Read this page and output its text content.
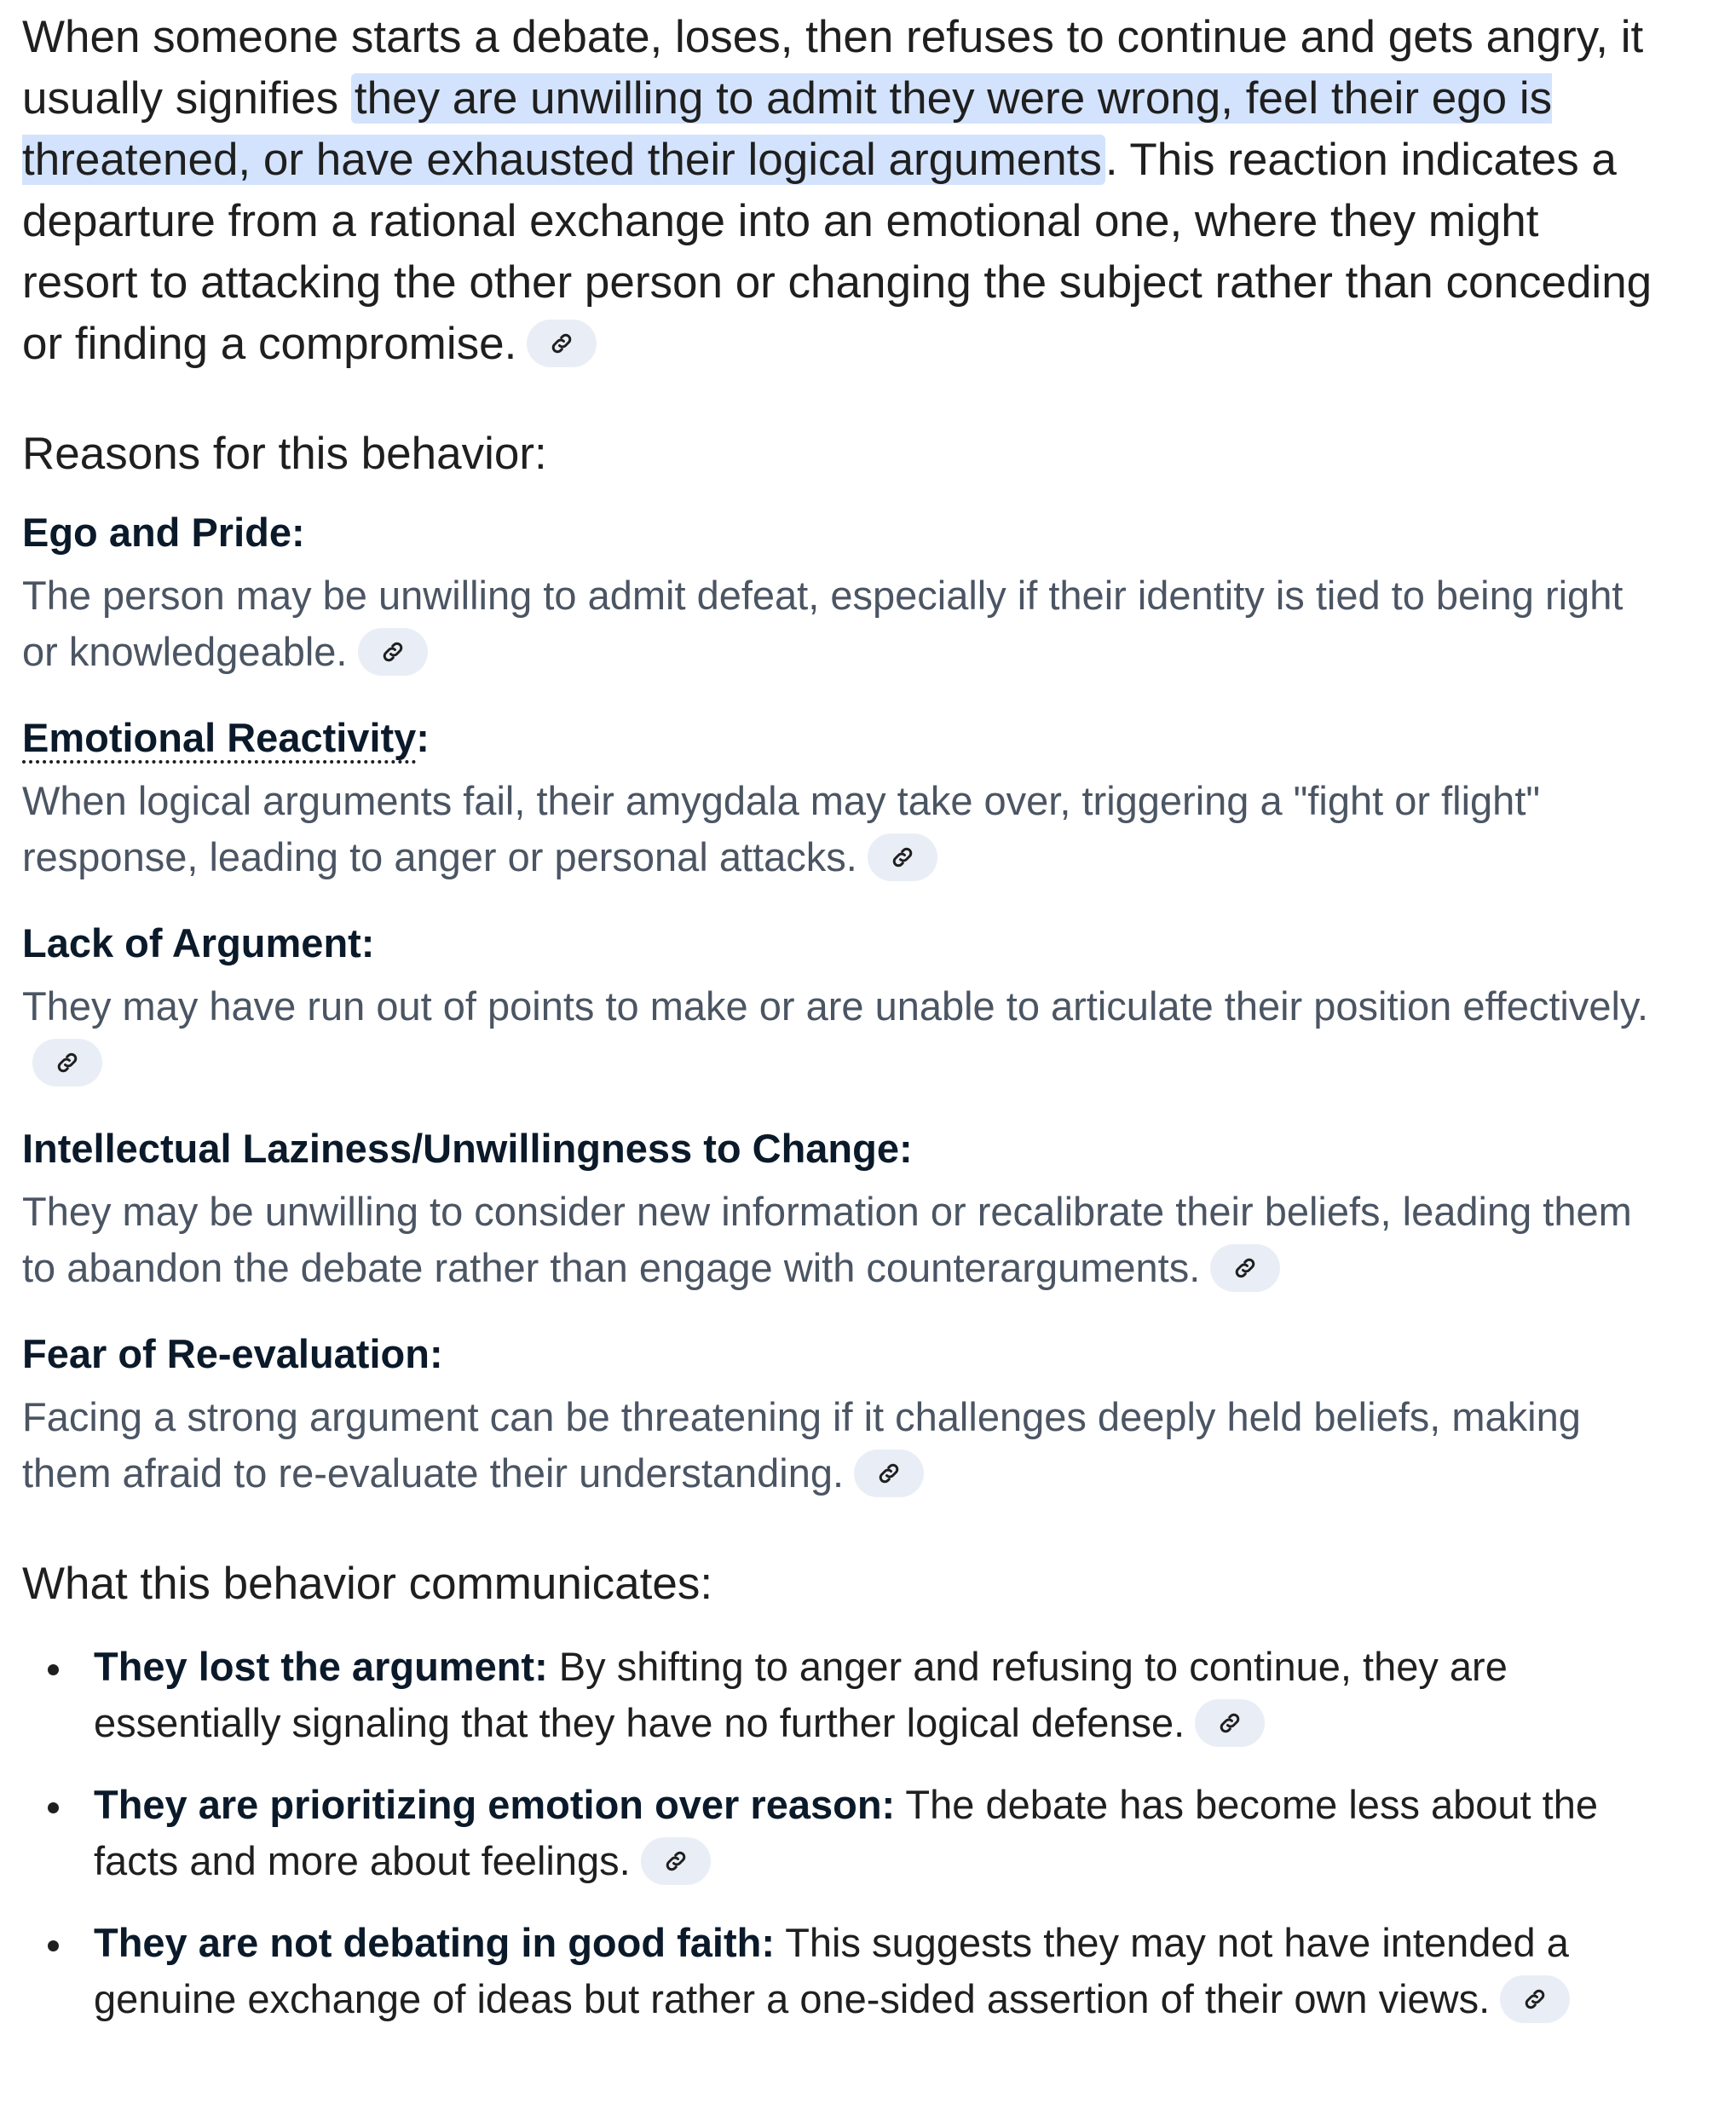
When someone starts a debate, loses, then refuses to continue and gets angry, it usually signifies they are unwilling to admit they were wrong, feel their ego is threatened, or have exhausted their logical arguments. This reaction indicates a departure from a rational exchange into an emotional one, where they might resort to attacking the other person or changing the subject rather than conceding or finding a compromise.

Reasons for this behavior:

Ego and Pride:

The person may be unwilling to admit defeat, especially if their identity is tied to being right or knowledgeable.

Emotional Reactivity:

When logical arguments fail, their amygdala may take over, triggering a "fight or flight" response, leading to anger or personal attacks.

Lack of Argument:

They may have run out of points to make or are unable to articulate their position effectively.

Intellectual Laziness/Unwillingness to Change:

They may be unwilling to consider new information or recalibrate their beliefs, leading them to abandon the debate rather than engage with counterarguments.

Fear of Re-evaluation:

Facing a strong argument can be threatening if it challenges deeply held beliefs, making them afraid to re-evaluate their understanding.

What this behavior communicates:
They lost the argument: By shifting to anger and refusing to continue, they are essentially signaling that they have no further logical defense.
They are prioritizing emotion over reason: The debate has become less about the facts and more about feelings.
They are not debating in good faith: This suggests they may not have intended a genuine exchange of ideas but rather a one-sided assertion of their own views.
